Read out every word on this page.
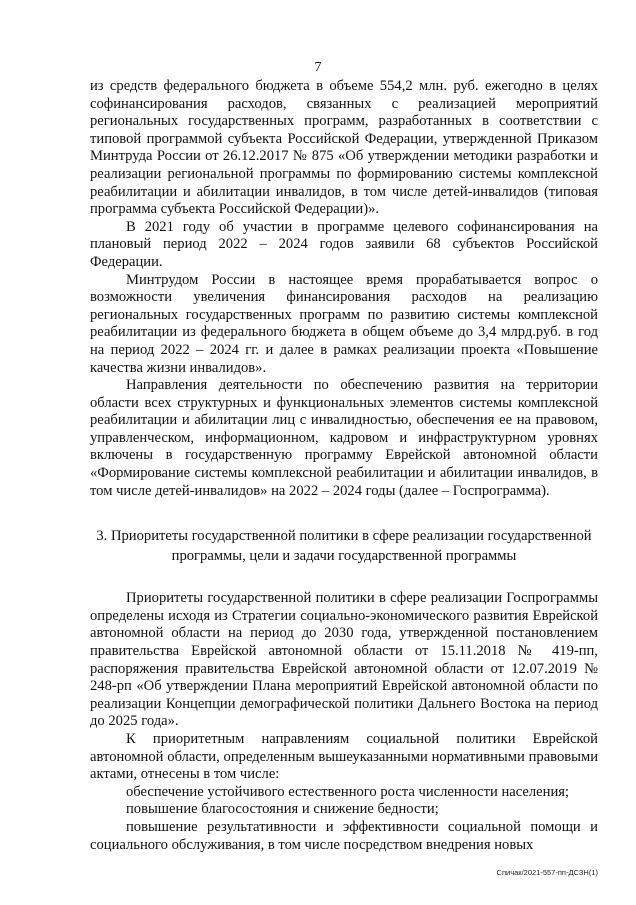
7

из средств федерального бюджета в объеме 554,2 млн. руб. ежегодно в целях софинансирования расходов, связанных с реализацией мероприятий региональных государственных программ, разработанных в соответствии с типовой программой субъекта Российской Федерации, утвержденной Приказом Минтруда России от 26.12.2017 № 875 «Об утверждении методики разработки и реализации региональной программы по формированию системы комплексной реабилитации и абилитации инвалидов, в том числе детей-инвалидов (типовая программа субъекта Российской Федерации)».

В 2021 году об участии в программе целевого софинансирования на плановый период 2022 – 2024 годов заявили 68 субъектов Российской Федерации.

Минтрудом России в настоящее время прорабатывается вопрос о возможности увеличения финансирования расходов на реализацию региональных государственных программ по развитию системы комплексной реабилитации из федерального бюджета в общем объеме до 3,4 млрд.руб. в год на период 2022 – 2024 гг. и далее в рамках реализации проекта «Повышение качества жизни инвалидов».

Направления деятельности по обеспечению развития на территории области всех структурных и функциональных элементов системы комплексной реабилитации и абилитации лиц с инвалидностью, обеспечения ее на правовом, управленческом, информационном, кадровом и инфраструктурном уровнях включены в государственную программу Еврейской автономной области «Формирование системы комплексной реабилитации и абилитации инвалидов, в том числе детей-инвалидов» на 2022 – 2024 годы (далее – Госпрограмма).

3. Приоритеты государственной политики в сфере реализации государственной программы, цели и задачи государственной программы

Приоритеты государственной политики в сфере реализации Госпрограммы определены исходя из Стратегии социально-экономического развития Еврейской автономной области на период до 2030 года, утвержденной постановлением правительства Еврейской автономной области от 15.11.2018 № 419-пп, распоряжения правительства Еврейской автономной области от 12.07.2019 № 248-рп «Об утверждении Плана мероприятий Еврейской автономной области по реализации Концепции демографической политики Дальнего Востока на период до 2025 года».

К приоритетным направлениям социальной политики Еврейской автономной области, определенным вышеуказанными нормативными правовыми актами, отнесены в том числе:

обеспечение устойчивого естественного роста численности населения;

повышение благосостояния и снижение бедности;

повышение результативности и эффективности социальной помощи и социального обслуживания, в том числе посредством внедрения новых

Спичак/2021-557-пп-ДСЗН(1)
